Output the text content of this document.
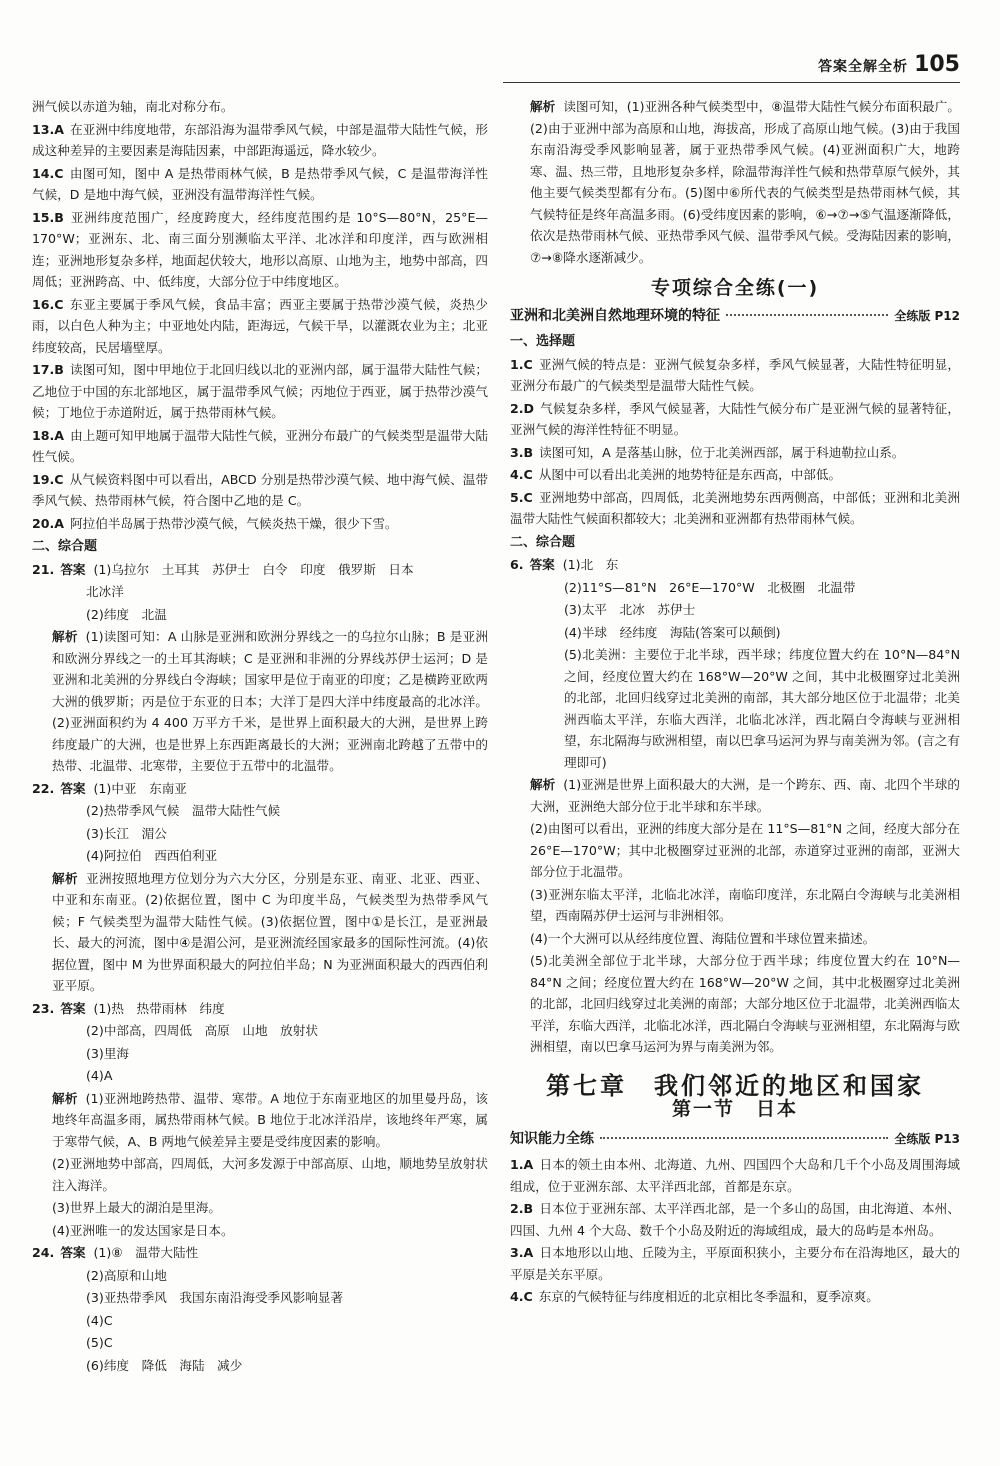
答案全解全析 105
洲气候以赤道为轴，南北对称分布。
13.A 在亚洲中纬度地带，东部沿海为温带季风气候，中部是温带大陆性气候，形成这种差异的主要因素是海陆因素，中部距海遥远，降水较少。
14.C 由图可知，图中 A 是热带雨林气候，B 是热带季风气候，C 是温带海洋性气候，D 是地中海气候，亚洲没有温带海洋性气候。
15.B 亚洲纬度范围广，经度跨度大，经纬度范围约是 10°S—80°N，25°E—170°W；亚洲东、北、南三面分别濒临太平洋、北冰洋和印度洋，西与欧洲相连；亚洲地形复杂多样，地面起伏较大，地形以高原、山地为主，地势中部高，四周低；亚洲跨高、中、低纬度，大部分位于中纬度地区。
16.C 东亚主要属于季风气候，食品丰富；西亚主要属于热带沙漠气候，炎热少雨，以白色人种为主；中亚地处内陆，距海远，气候干旱，以灌溉农业为主；北亚纬度较高，民居墙壁厚。
17.B 读图可知，图中甲地位于北回归线以北的亚洲内部，属于温带大陆性气候；乙地位于中国的东北部地区，属于温带季风气候；丙地位于西亚，属于热带沙漠气候；丁地位于赤道附近，属于热带雨林气候。
18.A 由上题可知甲地属于温带大陆性气候，亚洲分布最广的气候类型是温带大陆性气候。
19.C 从气候资料图中可以看出，ABCD 分别是热带沙漠气候、地中海气候、温带季风气候、热带雨林气候，符合图中乙地的是 C。
20.A 阿拉伯半岛属于热带沙漠气候，气候炎热干燥，很少下雪。
二、综合题
21. 答案 (1)乌拉尔　土耳其　苏伊士　白令　印度　俄罗斯　日本
北冰洋
(2)纬度　北温
解析 (1)读图可知：A 山脉是亚洲和欧洲分界线之一的乌拉尔山脉；B 是亚洲和欧洲分界线之一的土耳其海峡；C 是亚洲和非洲的分界线苏伊士运河；D 是亚洲和北美洲的分界线白令海峡；国家甲是位于南亚的印度；乙是横跨亚欧两大洲的俄罗斯；丙是位于东亚的日本；大洋丁是四大洋中纬度最高的北冰洋。(2)亚洲面积约为 4 400 万平方千米，是世界上面积最大的大洲，是世界上跨纬度最广的大洲，也是世界上东西距离最长的大洲；亚洲南北跨越了五带中的热带、北温带、北寒带，主要位于五带中的北温带。
22. 答案 (1)中亚　东南亚
(2)热带季风气候　温带大陆性气候
(3)长江　湄公
(4)阿拉伯　西西伯利亚
解析 亚洲按照地理方位划分为六大分区，分别是东亚、南亚、北亚、西亚、中亚和东南亚。(2)依据位置，图中 C 为印度半岛，气候类型为热带季风气候；F 气候类型为温带大陆性气候。(3)依据位置，图中①是长江，是亚洲最长、最大的河流，图中④是湄公河，是亚洲流经国家最多的国际性河流。(4)依据位置，图中 M 为世界面积最大的阿拉伯半岛；N 为亚洲面积最大的西西伯利亚平原。
23. 答案 (1)热　热带雨林　纬度
(2)中部高，四周低　高原　山地　放射状
(3)里海
(4)A
解析 (1)亚洲地跨热带、温带、寒带。A 地位于东南亚地区的加里曼丹岛，该地终年高温多雨，属热带雨林气候。B 地位于北冰洋沿岸，该地终年严寒，属于寒带气候，A、B 两地气候差异主要是受纬度因素的影响。
(2)亚洲地势中部高，四周低，大河多发源于中部高原、山地，顺地势呈放射状注入海洋。
(3)世界上最大的湖泊是里海。
(4)亚洲唯一的发达国家是日本。
24. 答案 (1)⑧　温带大陆性
(2)高原和山地
(3)亚热带季风　我国东南沿海受季风影响显著
(4)C
(5)C
(6)纬度　降低　海陆　减少
解析 读图可知，(1)亚洲各种气候类型中，⑧温带大陆性气候分布面积最广。(2)由于亚洲中部为高原和山地，海拔高，形成了高原山地气候。(3)由于我国东南沿海受季风影响显著，属于亚热带季风气候。(4)亚洲面积广大，地跨寒、温、热三带，且地形复杂多样，除温带海洋性气候和热带草原气候外，其他主要气候类型都有分布。(5)图中⑥所代表的气候类型是热带雨林气候，其气候特征是终年高温多雨。(6)受纬度因素的影响，⑥→⑦→⑤气温逐渐降低，依次是热带雨林气候、亚热带季风气候、温带季风气候。受海陆因素的影响，⑦→⑧降水逐渐减少。
专项综合全练(一)
亚洲和北美洲自然地理环境的特征	全练版 P12
一、选择题
1.C 亚洲气候的特点是：亚洲气候复杂多样，季风气候显著，大陆性特征明显，亚洲分布最广的气候类型是温带大陆性气候。
2.D 气候复杂多样，季风气候显著，大陆性气候分布广是亚洲气候的显著特征，亚洲气候的海洋性特征不明显。
3.B 读图可知，A 是落基山脉，位于北美洲西部，属于科迪勒拉山系。
4.C 从图中可以看出北美洲的地势特征是东西高，中部低。
5.C 亚洲地势中部高，四周低，北美洲地势东西两侧高，中部低；亚洲和北美洲温带大陆性气候面积都较大；北美洲和亚洲都有热带雨林气候。
二、综合题
6. 答案 (1)北　东
(2)11°S—81°N　26°E—170°W　北极圈　北温带
(3)太平　北冰　苏伊士
(4)半球　经纬度　海陆(答案可以颠倒)
(5)北美洲：主要位于北半球，西半球；纬度位置大约在 10°N—84°N 之间，经度位置大约在 168°W—20°W 之间，其中北极圈穿过北美洲的北部，北回归线穿过北美洲的南部，其大部分地区位于北温带；北美洲西临太平洋，东临大西洋，北临北冰洋，西北隔白令海峡与亚洲相望，东北隔海与欧洲相望，南以巴拿马运河为界与南美洲为邻。(言之有理即可)
解析 (1)亚洲是世界上面积最大的大洲，是一个跨东、西、南、北四个半球的大洲，亚洲绝大部分位于北半球和东半球。
(2)由图可以看出，亚洲的纬度大部分是在 11°S—81°N 之间，经度大部分在 26°E—170°W；其中北极圈穿过亚洲的北部，赤道穿过亚洲的南部，亚洲大部分位于北温带。
(3)亚洲东临太平洋，北临北冰洋，南临印度洋，东北隔白令海峡与北美洲相望，西南隔苏伊士运河与非洲相邻。
(4)一个大洲可以从经纬度位置、海陆位置和半球位置来描述。
(5)北美洲全部位于北半球，大部分位于西半球；纬度位置大约在 10°N—84°N 之间；经度位置大约在 168°W—20°W 之间，其中北极圈穿过北美洲的北部，北回归线穿过北美洲的南部；大部分地区位于北温带，北美洲西临太平洋，东临大西洋，北临北冰洋，西北隔白令海峡与亚洲相望，东北隔海与欧洲相望，南以巴拿马运河为界与南美洲为邻。
第七章　我们邻近的地区和国家
第一节　日本
知识能力全练	全练版 P13
1.A 日本的领土由本州、北海道、九州、四国四个大岛和几千个小岛及周围海域组成，位于亚洲东部、太平洋西北部，首都是东京。
2.B 日本位于亚洲东部、太平洋西北部，是一个多山的岛国，由北海道、本州、四国、九州 4 个大岛、数千个小岛及附近的海域组成，最大的岛屿是本州岛。
3.A 日本地形以山地、丘陵为主，平原面积狭小，主要分布在沿海地区，最大的平原是关东平原。
4.C 东京的气候特征与纬度相近的北京相比冬季温和，夏季凉爽。
